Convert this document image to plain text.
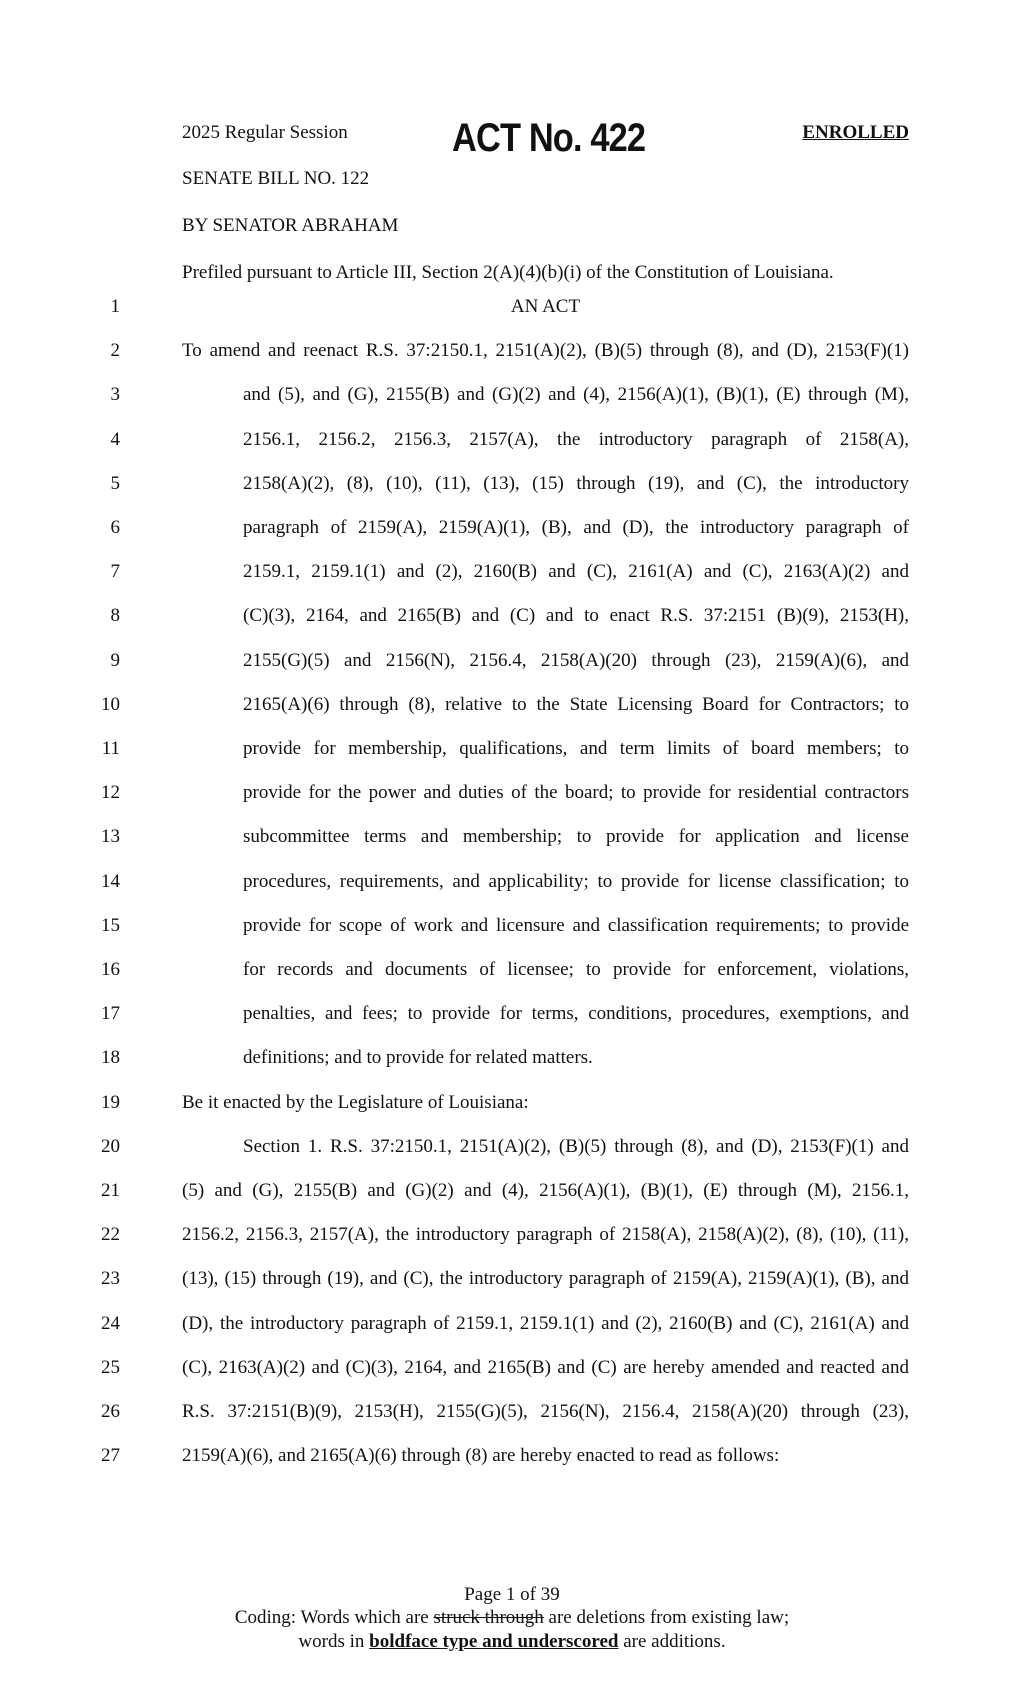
2025 Regular Session	ACT No. 422	ENROLLED
SENATE BILL NO. 122
BY SENATOR ABRAHAM
Prefiled pursuant to Article III, Section 2(A)(4)(b)(i) of the Constitution of Louisiana.
1	AN ACT
2	To amend and reenact R.S. 37:2150.1, 2151(A)(2), (B)(5) through (8), and (D), 2153(F)(1)
3	and (5), and (G), 2155(B) and (G)(2) and (4), 2156(A)(1), (B)(1), (E) through (M),
4	2156.1, 2156.2, 2156.3, 2157(A), the introductory paragraph of 2158(A),
5	2158(A)(2), (8), (10), (11), (13), (15) through (19), and (C), the introductory
6	paragraph of 2159(A), 2159(A)(1), (B), and (D), the introductory paragraph of
7	2159.1, 2159.1(1) and (2), 2160(B) and (C), 2161(A) and (C), 2163(A)(2) and
8	(C)(3), 2164, and 2165(B) and (C) and to enact R.S. 37:2151 (B)(9), 2153(H),
9	2155(G)(5) and 2156(N), 2156.4, 2158(A)(20) through (23), 2159(A)(6), and
10	2165(A)(6) through (8), relative to the State Licensing Board for Contractors; to
11	provide for membership, qualifications, and term limits of board members; to
12	provide for the power and duties of the board; to provide for residential contractors
13	subcommittee terms and membership; to provide for application and license
14	procedures, requirements, and applicability; to provide for license classification; to
15	provide for scope of work and licensure and classification requirements; to provide
16	for records and documents of licensee; to provide for enforcement, violations,
17	penalties, and fees; to provide for terms, conditions, procedures, exemptions, and
18	definitions; and to provide for related matters.
19	Be it enacted by the Legislature of Louisiana:
20	Section 1. R.S. 37:2150.1, 2151(A)(2), (B)(5) through (8), and (D), 2153(F)(1) and
21	(5) and (G), 2155(B) and (G)(2) and (4), 2156(A)(1), (B)(1), (E) through (M), 2156.1,
22	2156.2, 2156.3, 2157(A), the introductory paragraph of 2158(A), 2158(A)(2), (8), (10), (11),
23	(13), (15) through (19), and (C), the introductory paragraph of 2159(A), 2159(A)(1), (B), and
24	(D), the introductory paragraph of 2159.1, 2159.1(1) and (2), 2160(B) and (C), 2161(A) and
25	(C), 2163(A)(2) and (C)(3), 2164, and 2165(B) and (C) are hereby amended and reacted and
26	R.S. 37:2151(B)(9), 2153(H), 2155(G)(5), 2156(N), 2156.4, 2158(A)(20) through (23),
27	2159(A)(6), and 2165(A)(6) through (8) are hereby enacted to read as follows:
Page 1 of 39
Coding: Words which are struck through are deletions from existing law;
words in boldface type and underscored are additions.
